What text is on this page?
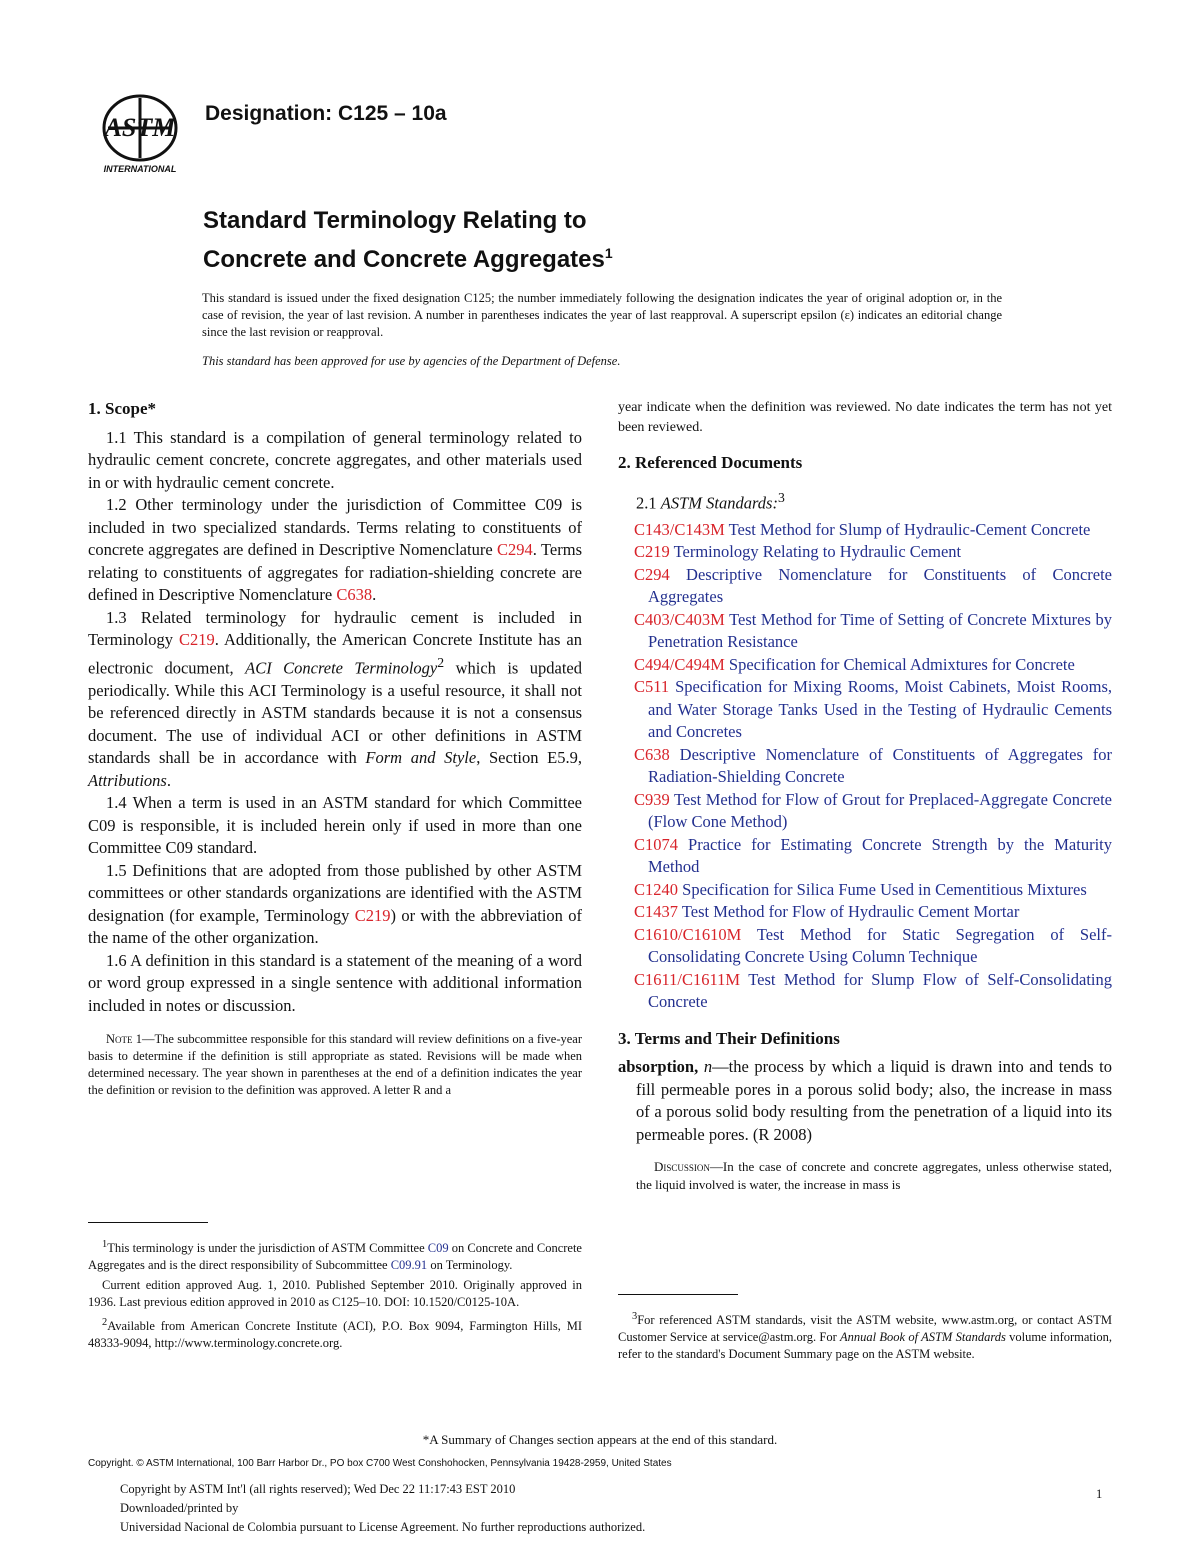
ASTM
INTERNATIONAL
Designation: C125 – 10a
Standard Terminology Relating to
Concrete and Concrete Aggregates$^1$
This standard is issued under the fixed designation C125; the number immediately following the designation indicates the year of original adoption or, in the case of revision, the year of last revision. A number in parentheses indicates the year of last reapproval. A superscript epsilon (ε) indicates an editorial change since the last revision or reapproval.
This standard has been approved for use by agencies of the Department of Defense.
1. Scope*

1.1 This standard is a compilation of general terminology related to hydraulic cement concrete, concrete aggregates, and other materials used in or with hydraulic cement concrete.

1.2 Other terminology under the jurisdiction of Committee C09 is included in two specialized standards. Terms relating to constituents of concrete aggregates are defined in Descriptive Nomenclature C294. Terms relating to constituents of aggregates for radiation-shielding concrete are defined in Descriptive Nomenclature C638.

1.3 Related terminology for hydraulic cement is included in Terminology C219. Additionally, the American Concrete Institute has an electronic document, ACI Concrete Terminology$^2$ which is updated periodically. While this ACI Terminology is a useful resource, it shall not be referenced directly in ASTM standards because it is not a consensus document. The use of individual ACI or other definitions in ASTM standards shall be in accordance with Form and Style, Section E5.9, Attributions.

1.4 When a term is used in an ASTM standard for which Committee C09 is responsible, it is included herein only if used in more than one Committee C09 standard.

1.5 Definitions that are adopted from those published by other ASTM committees or other standards organizations are identified with the ASTM designation (for example, Terminology C219) or with the abbreviation of the name of the other organization.

1.6 A definition in this standard is a statement of the meaning of a word or word group expressed in a single sentence with additional information included in notes or discussion.

Note 1—The subcommittee responsible for this standard will review definitions on a five-year basis to determine if the definition is still appropriate as stated. Revisions will be made when determined necessary. The year shown in parentheses at the end of a definition indicates the year the definition or revision to the definition was approved. A letter R and a

$^1$This terminology is under the jurisdiction of ASTM Committee C09 on Concrete and Concrete Aggregates and is the direct responsibility of Subcommittee C09.91 on Terminology.

Current edition approved Aug. 1, 2010. Published September 2010. Originally approved in 1936. Last previous edition approved in 2010 as C125–10. DOI: 10.1520/C0125-10A.

$^2$Available from American Concrete Institute (ACI), P.O. Box 9094, Farmington Hills, MI 48333-9094, http://www.terminology.concrete.org.

year indicate when the definition was reviewed. No date indicates the term has not yet been reviewed.

2. Referenced Documents
2.1 ASTM Standards:$^3$

C143/C143M Test Method for Slump of Hydraulic-Cement Concrete

C219 Terminology Relating to Hydraulic Cement

C294 Descriptive Nomenclature for Constituents of Concrete Aggregates

C403/C403M Test Method for Time of Setting of Concrete Mixtures by Penetration Resistance

C494/C494M Specification for Chemical Admixtures for Concrete

C511 Specification for Mixing Rooms, Moist Cabinets, Moist Rooms, and Water Storage Tanks Used in the Testing of Hydraulic Cements and Concretes

C638 Descriptive Nomenclature of Constituents of Aggregates for Radiation-Shielding Concrete

C939 Test Method for Flow of Grout for Preplaced-Aggregate Concrete (Flow Cone Method)

C1074 Practice for Estimating Concrete Strength by the Maturity Method

C1240 Specification for Silica Fume Used in Cementitious Mixtures

C1437 Test Method for Flow of Hydraulic Cement Mortar

C1610/C1610M Test Method for Static Segregation of Self-Consolidating Concrete Using Column Technique

C1611/C1611M Test Method for Slump Flow of Self-Consolidating Concrete

3. Terms and Their Definitions

absorption, n—the process by which a liquid is drawn into and tends to fill permeable pores in a porous solid body; also, the increase in mass of a porous solid body resulting from the penetration of a liquid into its permeable pores. (R 2008)

Discussion—In the case of concrete and concrete aggregates, unless otherwise stated, the liquid involved is water, the increase in mass is

$^3$For referenced ASTM standards, visit the ASTM website, www.astm.org, or contact ASTM Customer Service at service@astm.org. For Annual Book of ASTM Standards volume information, refer to the standard's Document Summary page on the ASTM website.

*A Summary of Changes section appears at the end of this standard.
Copyright. © ASTM International, 100 Barr Harbor Dr., PO box C700 West Conshohocken, Pennsylvania 19428-2959, United States
Copyright by ASTM Int'l (all rights reserved); Wed Dec 22 11:17:43 EST 2010
Downloaded/printed by
Universidad Nacional de Colombia pursuant to License Agreement. No further reproductions authorized.
1
